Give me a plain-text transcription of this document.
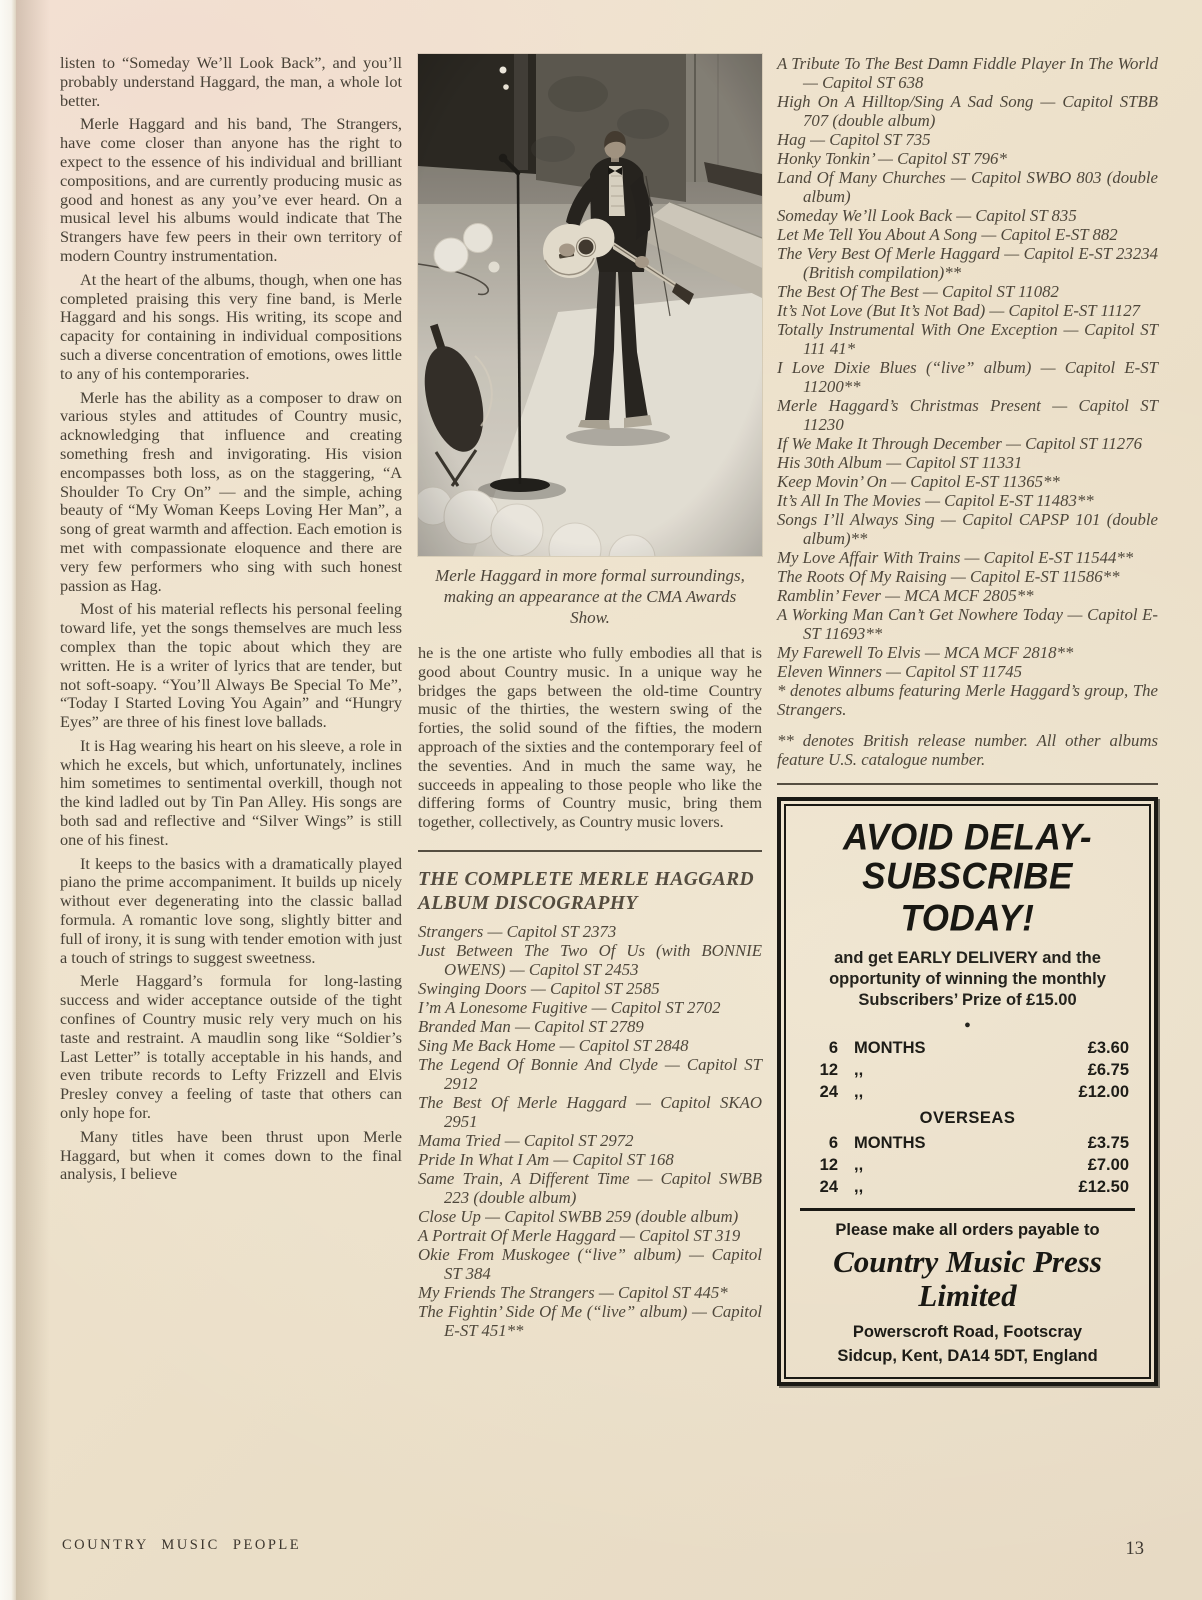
listen to “Someday We’ll Look Back”, and you’ll probably understand Haggard, the man, a whole lot better.

Merle Haggard and his band, The Strangers, have come closer than anyone has the right to expect to the essence of his individual and brilliant compositions, and are currently producing music as good and honest as any you’ve ever heard. On a musical level his albums would indicate that The Strangers have few peers in their own territory of modern Country instrumentation.

At the heart of the albums, though, when one has completed praising this very fine band, is Merle Haggard and his songs. His writing, its scope and capacity for containing in individual compositions such a diverse concentration of emotions, owes little to any of his contemporaries.

Merle has the ability as a composer to draw on various styles and attitudes of Country music, acknowledging that influence and creating something fresh and invigorating. His vision encompasses both loss, as on the staggering, “A Shoulder To Cry On” — and the simple, aching beauty of “My Woman Keeps Loving Her Man”, a song of great warmth and affection. Each emotion is met with compassionate eloquence and there are very few performers who sing with such honest passion as Hag.

Most of his material reflects his personal feeling toward life, yet the songs themselves are much less complex than the topic about which they are written. He is a writer of lyrics that are tender, but not soft-soapy. “You’ll Always Be Special To Me”, “Today I Started Loving You Again” and “Hungry Eyes” are three of his finest love ballads.

It is Hag wearing his heart on his sleeve, a role in which he excels, but which, unfortunately, inclines him sometimes to sentimental overkill, though not the kind ladled out by Tin Pan Alley. His songs are both sad and reflective and “Silver Wings” is still one of his finest.

It keeps to the basics with a dramatically played piano the prime accompaniment. It builds up nicely without ever degenerating into the classic ballad formula. A romantic love song, slightly bitter and full of irony, it is sung with tender emotion with just a touch of strings to suggest sweetness.

Merle Haggard’s formula for long-lasting success and wider acceptance outside of the tight confines of Country music rely very much on his taste and restraint. A maudlin song like “Soldier’s Last Letter” is totally acceptable in his hands, and even tribute records to Lefty Frizzell and Elvis Presley convey a feeling of taste that others can only hope for.

Many titles have been thrust upon Merle Haggard, but when it comes down to the final analysis, I believe

Merle Haggard in more formal surroundings, making an appearance at the CMA Awards Show.

he is the one artiste who fully embodies all that is good about Country music. In a unique way he bridges the gaps between the old-time Country music of the thirties, the western swing of the forties, the solid sound of the fifties, the modern approach of the sixties and the contemporary feel of the seventies. And in much the same way, he succeeds in appealing to those people who like the differing forms of Country music, bring them together, collectively, as Country music lovers.

THE COMPLETE MERLE HAGGARD ALBUM DISCOGRAPHY
Strangers — Capitol ST 2373
Just Between The Two Of Us (with BONNIE OWENS) — Capitol ST 2453
Swinging Doors — Capitol ST 2585
I’m A Lonesome Fugitive — Capitol ST 2702
Branded Man — Capitol ST 2789
Sing Me Back Home — Capitol ST 2848
The Legend Of Bonnie And Clyde — Capitol ST 2912
The Best Of Merle Haggard — Capitol SKAO 2951
Mama Tried — Capitol ST 2972
Pride In What I Am — Capitol ST 168
Same Train, A Different Time — Capitol SWBB 223 (double album)
Close Up — Capitol SWBB 259 (double album)
A Portrait Of Merle Haggard — Capitol ST 319
Okie From Muskogee (“live” album) — Capitol ST 384
My Friends The Strangers — Capitol ST 445*
The Fightin’ Side Of Me (“live” album) — Capitol E-ST 451**
A Tribute To The Best Damn Fiddle Player In The World — Capitol ST 638
High On A Hilltop/Sing A Sad Song — Capitol STBB 707 (double album)
Hag — Capitol ST 735
Honky Tonkin’ — Capitol ST 796*
Land Of Many Churches — Capitol SWBO 803 (double album)
Someday We’ll Look Back — Capitol ST 835
Let Me Tell You About A Song — Capitol E-ST 882
The Very Best Of Merle Haggard — Capitol E-ST 23234 (British compilation)**
The Best Of The Best — Capitol ST 11082
It’s Not Love (But It’s Not Bad) — Capitol E-ST 11127
Totally Instrumental With One Exception — Capitol ST 111 41*
I Love Dixie Blues (“live” album) — Capitol E-ST 11200**
Merle Haggard’s Christmas Present — Capitol ST 11230
If We Make It Through December — Capitol ST 11276
His 30th Album — Capitol ST 11331
Keep Movin’ On — Capitol E-ST 11365**
It’s All In The Movies — Capitol E-ST 11483**
Songs I’ll Always Sing — Capitol CAPSP 101 (double album)**
My Love Affair With Trains — Capitol E-ST 11544**
The Roots Of My Raising — Capitol E-ST 11586**
Ramblin’ Fever — MCA MCF 2805**
A Working Man Can’t Get Nowhere Today — Capitol E-ST 11693**
My Farewell To Elvis — MCA MCF 2818**
Eleven Winners — Capitol ST 11745

* denotes albums featuring Merle Haggard’s group, The Strangers.

** denotes British release number. All other albums feature U.S. catalogue number.

AVOID DELAY-
SUBSCRIBE TODAY!

and get EARLY DELIVERY and the opportunity of winning the monthly Subscribers’ Prize of £15.00

●
6 MONTHS	£3.60
12 ,,	£6.75
24 ,,	£12.00
OVERSEAS
6 MONTHS	£3.75
12 ,,	£7.00
24 ,,	£12.50

Please make all orders payable to

Country Music Press
Limited

Powerscroft Road, Footscray

Sidcup, Kent, DA14 5DT, England

COUNTRY MUSIC PEOPLE	13
